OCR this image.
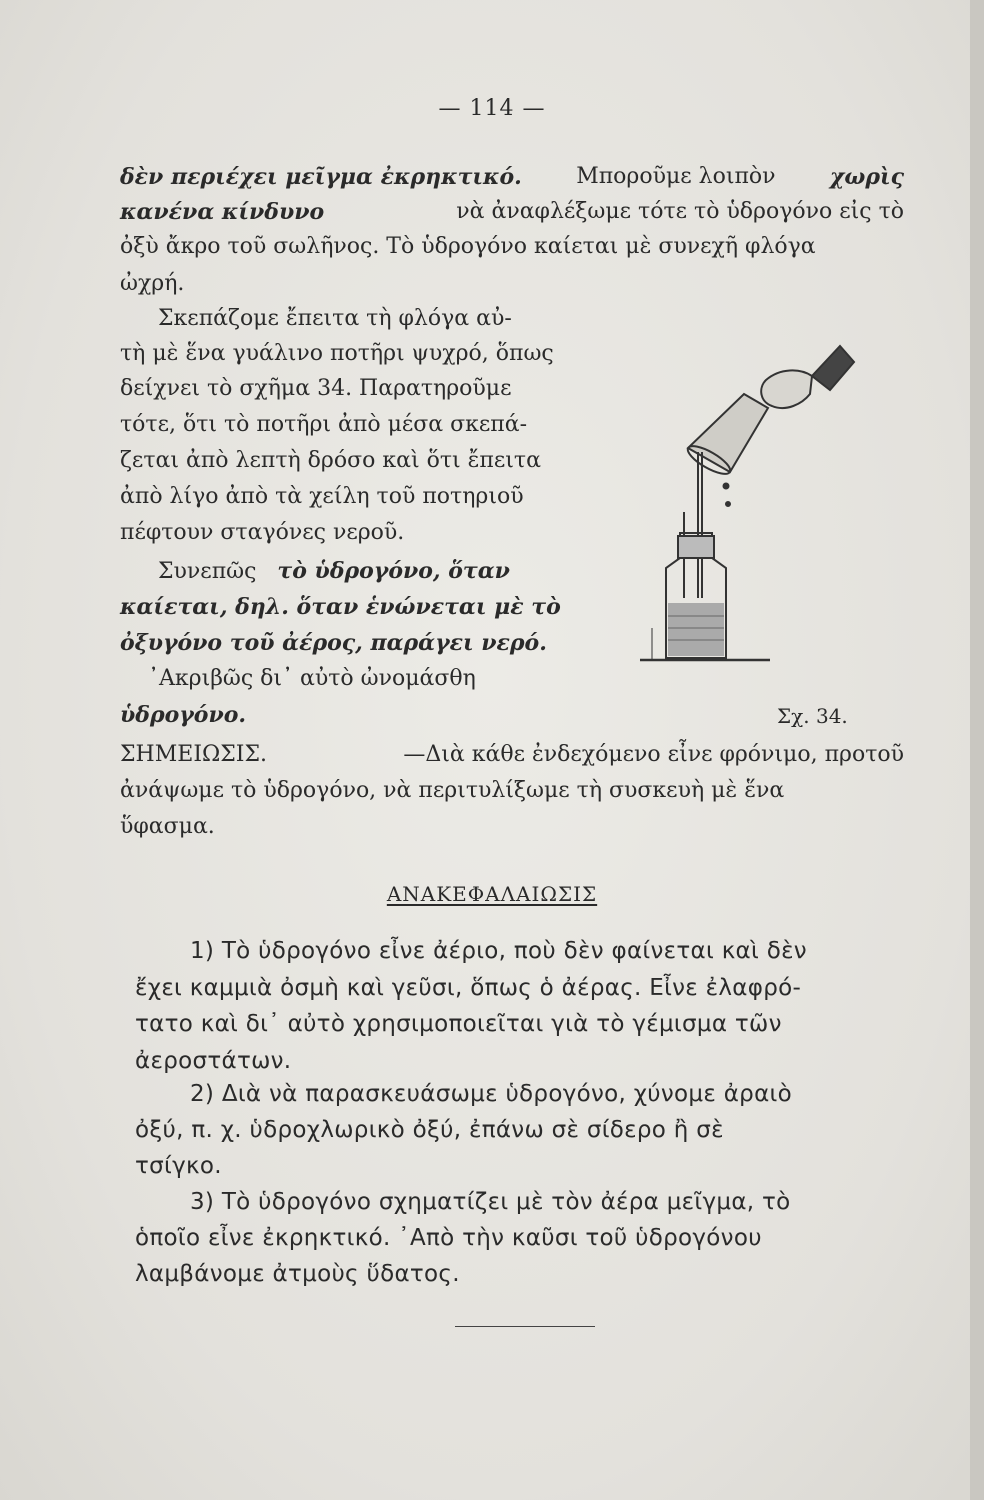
— 114 —
δὲν περιέχει μεῖγμα ἐκρηκτικό. Μποροῦμε λοιπὸν χωρὶς
κανένα κίνδυνο	νὰ ἀναφλέξωμε τότε τὸ ὑδρογόνο εἰς τὸ
ὀξὺ ἄκρο τοῦ σωλῆνος. Τὸ ὑδρογόνο καίεται μὲ συνεχῆ φλόγα
ὠχρή.
Σκεπάζομε ἔπειτα τὴ φλόγα αὐ-
τὴ μὲ ἕνα γυάλινο ποτῆρι ψυχρό, ὅπως
δείχνει τὸ σχῆμα 34. Παρατηροῦμε
τότε, ὅτι τὸ ποτῆρι ἀπὸ μέσα σκεπά-
ζεται ἀπὸ λεπτὴ δρόσο καὶ ὅτι ἔπειτα
ἀπὸ λίγο ἀπὸ τὰ χείλη τοῦ ποτηριοῦ
πέφτουν σταγόνες νεροῦ.
Συνεπῶς τὸ ὑδρογόνο, ὅταν
καίεται, δηλ. ὅταν ἑνώνεται μὲ τὸ
ὀξυγόνο τοῦ ἀέρος, παράγει νερό.
᾿Ακριβῶς δι᾿ αὐτὸ ὠνομάσθη
ὑδρογόνο.	Σχ. 34.
ΣΗΜΕΙΩΣΙΣ.	—Διὰ κάθε ἐνδεχόμενο εἶνε φρόνιμο, προτοῦ
ἀνάψωμε τὸ ὑδρογόνο, νὰ περιτυλίξωμε τὴ συσκευὴ μὲ ἕνα
ὕφασμα.
ΑΝΑΚΕΦΑΛΑΙΩΣΙΣ
1) Τὸ ὑδρογόνο εἶνε ἀέριο, ποὺ δὲν φαίνεται καὶ δὲν
ἔχει καμμιὰ ὀσμὴ καὶ γεῦσι, ὅπως ὁ ἀέρας. Εἶνε ἐλαφρό-
τατο καὶ δι᾿ αὐτὸ χρησιμοποιεῖται γιὰ τὸ γέμισμα τῶν
ἀεροστάτων.
2) Διὰ νὰ παρασκευάσωμε ὑδρογόνο, χύνομε ἀραιὸ
ὀξύ, π. χ. ὑδροχλωρικὸ ὀξύ, ἐπάνω σὲ σίδερο ἢ σὲ
τσίγκο.
3) Τὸ ὑδρογόνο σχηματίζει μὲ τὸν ἀέρα μεῖγμα, τὸ
ὁποῖο εἶνε ἐκρηκτικό. ᾿Απὸ τὴν καῦσι τοῦ ὑδρογόνου
λαμβάνομε ἀτμοὺς ὕδατος.
